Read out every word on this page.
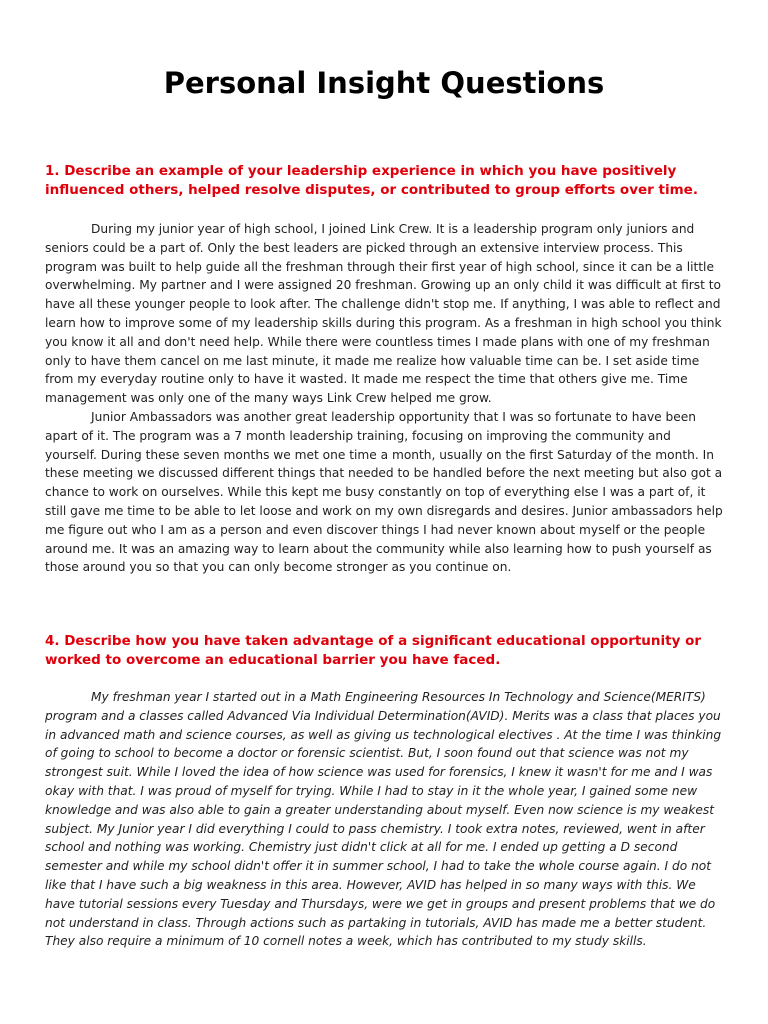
Personal Insight Questions
1. Describe an example of your leadership experience in which you have positively influenced others, helped resolve disputes, or contributed to group efforts over time.

During my junior year of high school, I joined Link Crew. It is a leadership program only juniors and seniors could be a part of. Only the best leaders are picked through an extensive interview process. This program was built to help guide all the freshman through their first year of high school, since it can be a little overwhelming. My partner and I were assigned 20 freshman. Growing up an only child it was difficult at first to have all these younger people to look after. The challenge didn't stop me. If anything, I was able to reflect and learn how to improve some of my leadership skills during this program. As a freshman in high school you think you know it all and don't need help. While there were countless times I made plans with one of my freshman only to have them cancel on me last minute, it made me realize how valuable time can be. I set aside time from my everyday routine only to have it wasted. It made me respect the time that others give me. Time management was only one of the many ways Link Crew helped me grow.

Junior Ambassadors was another great leadership opportunity that I was so fortunate to have been apart of it. The program was a 7 month leadership training, focusing on improving the community and yourself. During these seven months we met one time a month, usually on the first Saturday of the month. In these meeting we discussed different things that needed to be handled before the next meeting but also got a chance to work on ourselves. While this kept me busy constantly on top of everything else I was a part of, it still gave me time to be able to let loose and work on my own disregards and desires. Junior ambassadors help me figure out who I am as a person and even discover things I had never known about myself or the people around me. It was an amazing way to learn about the community while also learning how to push yourself as those around you so that you can only become stronger as you continue on.

4. Describe how you have taken advantage of a significant educational opportunity or worked to overcome an educational barrier you have faced.

My freshman year I started out in a Math Engineering Resources In Technology and Science(MERITS) program and a classes called Advanced Via Individual Determination(AVID). Merits was a class that places you in advanced math and science courses, as well as giving us technological electives . At the time I was thinking of going to school to become a doctor or forensic scientist. But, I soon found out that science was not my strongest suit. While I loved the idea of how science was used for forensics, I knew it wasn't for me and I was okay with that. I was proud of myself for trying. While I had to stay in it the whole year, I gained some new knowledge and was also able to gain a greater understanding about myself. Even now science is my weakest subject. My Junior year I did everything I could to pass chemistry. I took extra notes, reviewed, went in after school and nothing was working. Chemistry just didn't click at all for me. I ended up getting a D second semester and while my school didn't offer it in summer school, I had to take the whole course again. I do not like that I have such a big weakness in this area. However, AVID has helped in so many ways with this. We have tutorial sessions every Tuesday and Thursdays, were we get in groups and present problems that we do not understand in class. Through actions such as partaking in tutorials, AVID has made me a better student. They also require a minimum of 10 cornell notes a week, which has contributed to my study skills.
